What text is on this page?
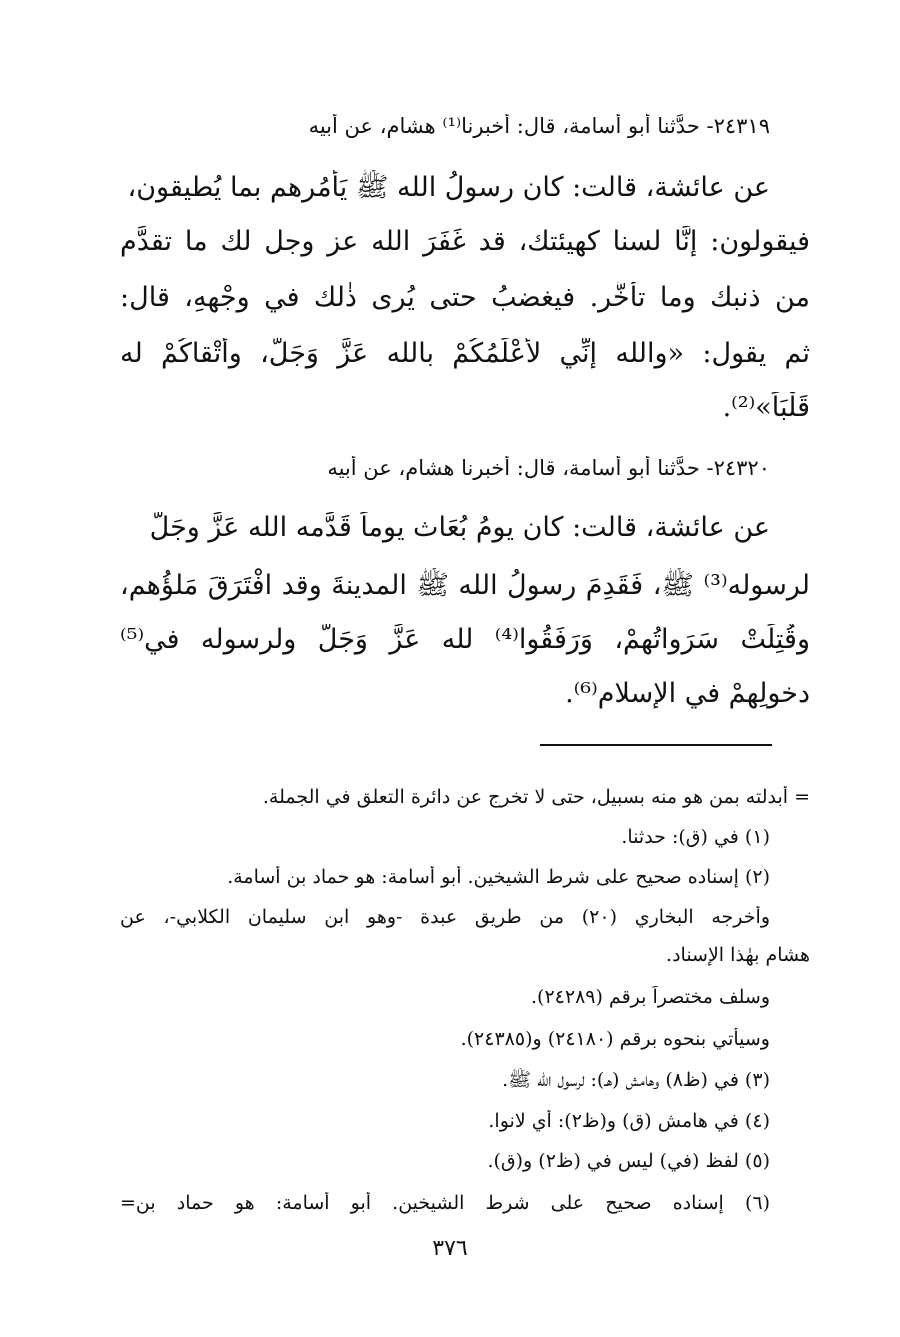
٢٤٣١٩- حدَّثنا أبو أُسامة، قال: أخبرنا⁽¹⁾ هشام، عن أبيه
عن عائشة، قالت: كان رسولُ الله ﷺ يَأْمُرهم بما يُطيقون،
فيقولون: إنَّا لسنا كهيئتك، قد غَفَرَ الله عز وجل لك ما تقدَّم
من ذنبك وما تأخَّر. فيغضبُ حتى يُرى ذٰلك في وجْهِهِ، قال:
ثم يقول: «والله إنِّي لأَعْلَمُكُمْ بالله عَزَّ وَجَلَّ، وأَتْقاكُمْ له
قَلْبَاً»⁽²⁾.
٢٤٣٢٠- حدَّثنا أبو أُسامة، قال: أخبرنا هشام، عن أبيه
عن عائشة، قالت: كان يومُ بُعَاث يوماً قَدَّمه الله عَزَّ وجَلَّ
لرسوله⁽³⁾ ﷺ، فَقَدِمَ رسولُ الله ﷺ المدينةَ وقد افْتَرَقَ مَلؤُهم،
وقُتِلَتْ سَرَواتُهمْ، وَرَفَقُوا⁽⁴⁾ لله عَزَّ وَجَلَّ ولرسوله في⁽⁵⁾
دخولِهِمْ في الإسلام⁽⁶⁾.
= أبدلته بمن هو منه بسبيل، حتى لا تخرج عن دائرة التعلق في الجملة.
(١) في (ق): حدثنا.
(٢) إسناده صحيح على شرط الشيخين. أبو أسامة: هو حماد بن أسامة.
وأخرجه البخاري (٢٠) من طريق عبدة -وهو ابن سليمان الكلابي-، عن
هشام بهٰذا الإسناد.
وسلف مختصراً برقم (٢٤٢٨٩).
وسيأتي بنحوه برقم (٢٤١٨٠) و(٢٤٣٨٥).
(٣) في (ظ٨) وهامش (هـ): لرسول الله ﷺ.
(٤) في هامش (ق) و(ظ٢): أي لانوا.
(٥) لفظ (في) ليس في (ظ٢) و(ق).
(٦) إسناده صحيح على شرط الشيخين. أبو أسامة: هو حماد بن=
٣٧٦
